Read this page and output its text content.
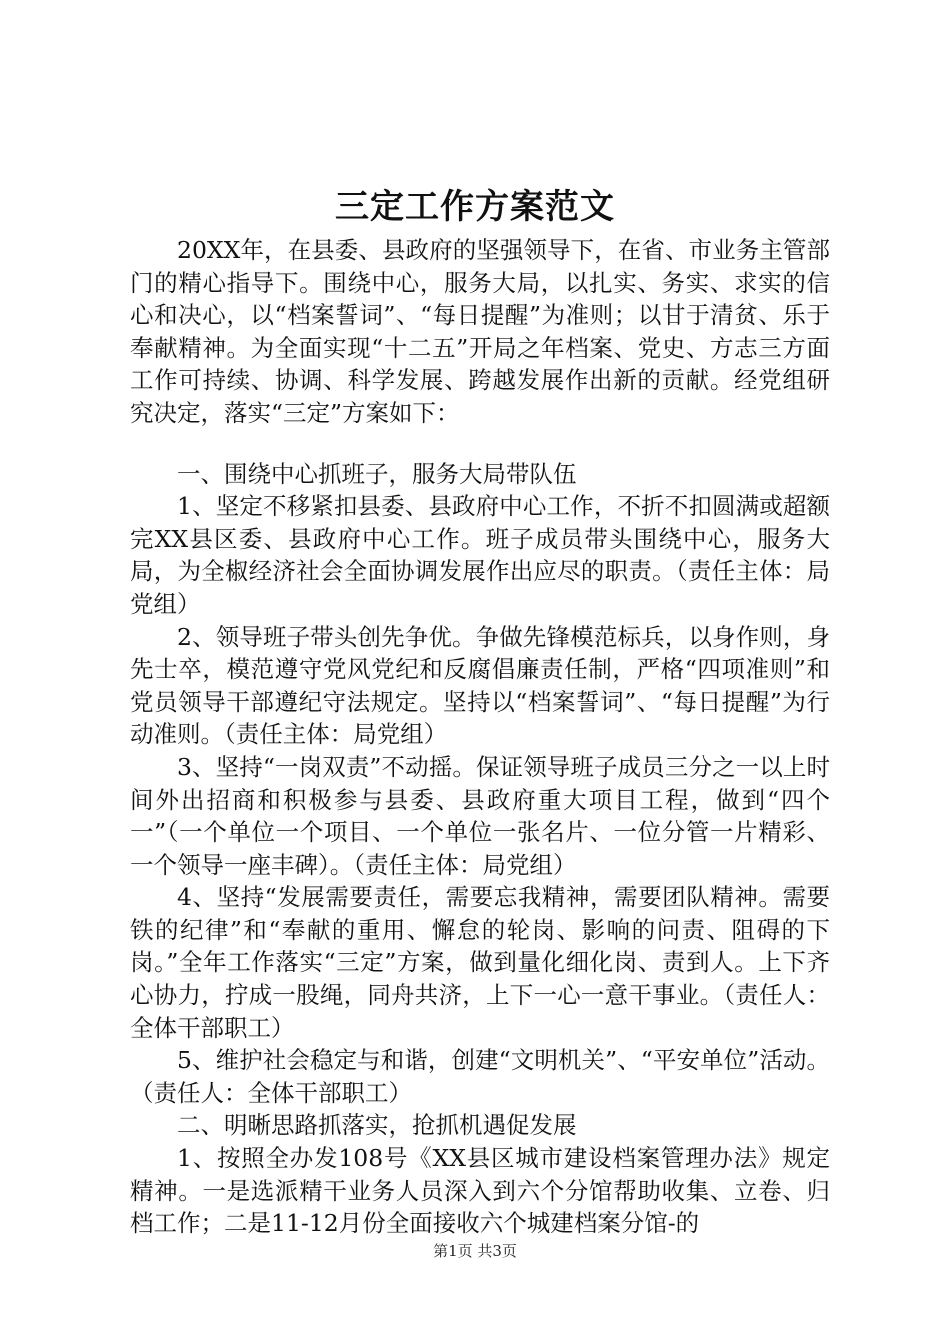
三定工作方案范文

20XX年，在县委、县政府的坚强领导下，在省、市业务主管部门的精心指导下。围绕中心，服务大局，以扎实、务实、求实的信心和决心，以“档案誓词”、“每日提醒”为准则；以甘于清贫、乐于奉献精神。为全面实现“十二五”开局之年档案、党史、方志三方面工作可持续、协调、科学发展、跨越发展作出新的贡献。经党组研究决定，落实“三定”方案如下：

一、围绕中心抓班子，服务大局带队伍

1、坚定不移紧扣县委、县政府中心工作，不折不扣圆满或超额完XX县区委、县政府中心工作。班子成员带头围绕中心，服务大局，为全椒经济社会全面协调发展作出应尽的职责。（责任主体：局党组）

2、领导班子带头创先争优。争做先锋模范标兵，以身作则，身先士卒，模范遵守党风党纪和反腐倡廉责任制，严格“四项准则”和党员领导干部遵纪守法规定。坚持以“档案誓词”、“每日提醒”为行动准则。（责任主体：局党组）

3、坚持“一岗双责”不动摇。保证领导班子成员三分之一以上时间外出招商和积极参与县委、县政府重大项目工程，做到“四个一”（一个单位一个项目、一个单位一张名片、一位分管一片精彩、一个领导一座丰碑）。（责任主体：局党组）

4、坚持“发展需要责任，需要忘我精神，需要团队精神。需要铁的纪律”和“奉献的重用、懈怠的轮岗、影响的问责、阻碍的下岗。”全年工作落实“三定”方案，做到量化细化岗、责到人。上下齐心协力，拧成一股绳，同舟共济，上下一心一意干事业。（责任人：全体干部职工）

5、维护社会稳定与和谐，创建“文明机关”、“平安单位”活动。（责任人：全体干部职工）

二、明晰思路抓落实，抢抓机遇促发展

1、按照全办发108号《XX县区城市建设档案管理办法》规定精神。一是选派精干业务人员深入到六个分馆帮助收集、立卷、归档工作；二是11-12月份全面接收六个城建档案分馆-的

第1页 共3页
